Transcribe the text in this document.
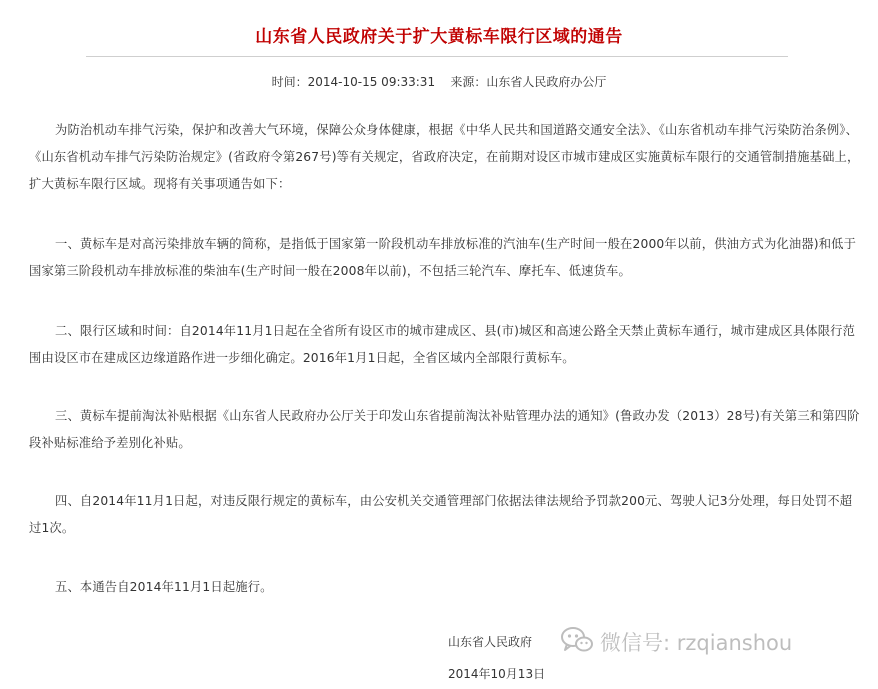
山东省人民政府关于扩大黄标车限行区域的通告
时间：2014-10-15 09:33:31 来源：山东省人民政府办公厅

为防治机动车排气污染，保护和改善大气环境，保障公众身体健康，根据《中华人民共和国道路交通安全法》、《山东省机动车排气污染防治条例》、《山东省机动车排气污染防治规定》(省政府令第267号)等有关规定，省政府决定，在前期对设区市城市建成区实施黄标车限行的交通管制措施基础上，扩大黄标车限行区域。现将有关事项通告如下：

一、黄标车是对高污染排放车辆的简称，是指低于国家第一阶段机动车排放标准的汽油车(生产时间一般在2000年以前，供油方式为化油器)和低于国家第三阶段机动车排放标准的柴油车(生产时间一般在2008年以前)，不包括三轮汽车、摩托车、低速货车。

二、限行区域和时间：自2014年11月1日起在全省所有设区市的城市建成区、县(市)城区和高速公路全天禁止黄标车通行，城市建成区具体限行范围由设区市在建成区边缘道路作进一步细化确定。2016年1月1日起，全省区域内全部限行黄标车。

三、黄标车提前淘汰补贴根据《山东省人民政府办公厅关于印发山东省提前淘汰补贴管理办法的通知》(鲁政办发（2013）28号)有关第三和第四阶段补贴标准给予差别化补贴。

四、自2014年11月1日起，对违反限行规定的黄标车，由公安机关交通管理部门依据法律法规给予罚款200元、驾驶人记3分处理，每日处罚不超过1次。

五、本通告自2014年11月1日起施行。

山东省人民政府
2014年10月13日
微信号: rzqianshou
